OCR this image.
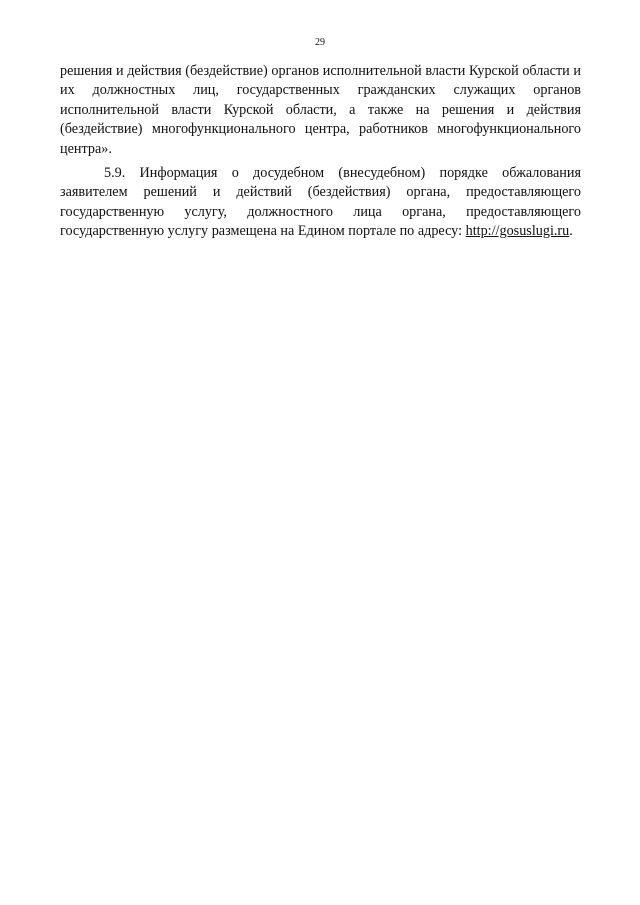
29

решения и действия (бездействие) органов исполнительной власти Курской области и их должностных лиц, государственных гражданских служащих органов исполнительной власти Курской области, а также на решения и действия (бездействие) многофункционального центра, работников многофункционального центра».

5.9. Информация о досудебном (внесудебном) порядке обжалования заявителем решений и действий (бездействия) органа, предоставляющего государственную услугу, должностного лица органа, предоставляющего государственную услугу размещена на Едином портале по адресу: http://gosuslugi.ru.
